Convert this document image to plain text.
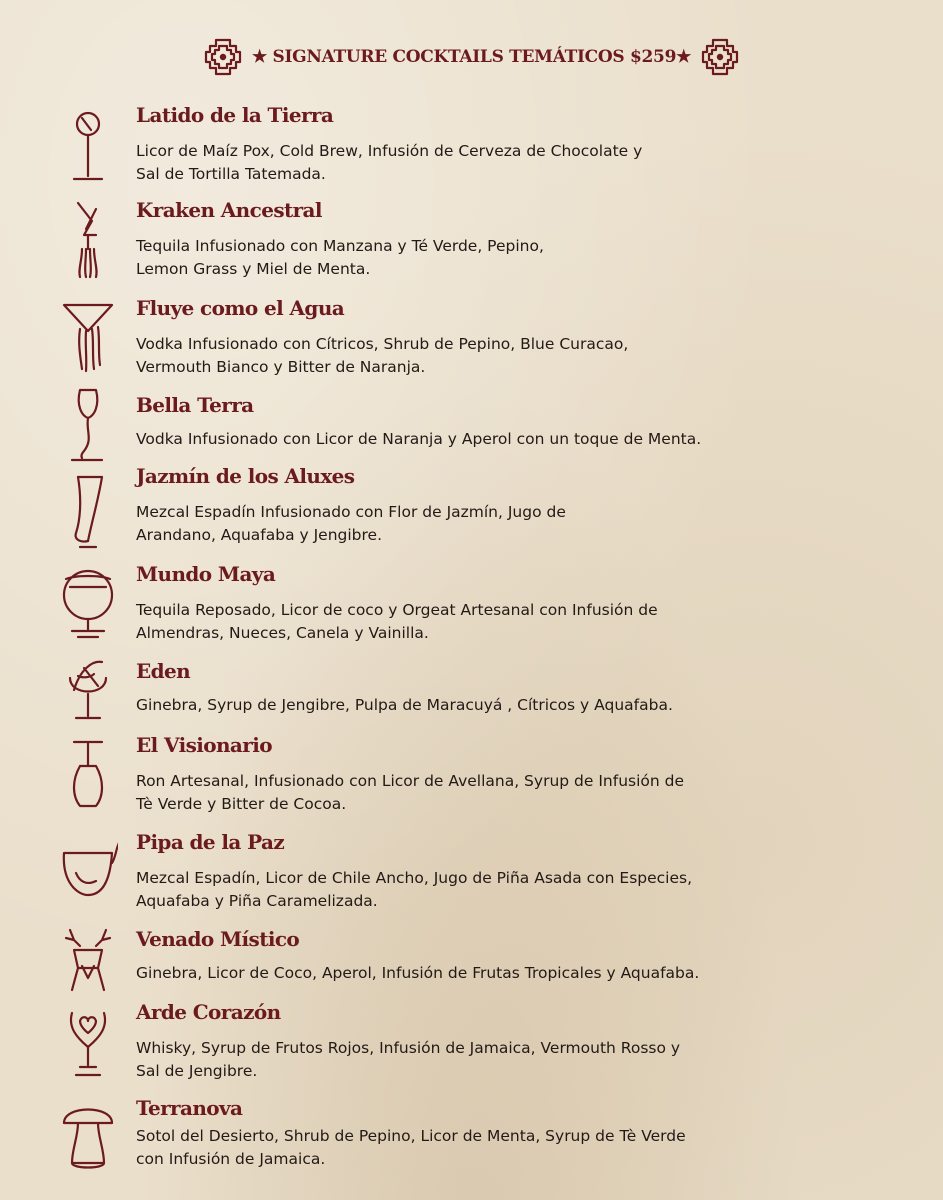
★ SIGNATURE COCKTAILS TEMÁTICOS $259★
Latido de la Tierra
Licor de Maíz Pox, Cold Brew, Infusión de Cerveza de Chocolate y
Sal de Tortilla Tatemada.
Kraken Ancestral
Tequila Infusionado con Manzana y Té Verde, Pepino,
Lemon Grass y Miel de Menta.
Fluye como el Agua
Vodka Infusionado con Cítricos, Shrub de Pepino, Blue Curacao,
Vermouth Bianco y Bitter de Naranja.
Bella Terra
Vodka Infusionado con Licor de Naranja y Aperol con un toque de Menta.
Jazmín de los Aluxes
Mezcal Espadín Infusionado con Flor de Jazmín, Jugo de
Arandano, Aquafaba y Jengibre.
Mundo Maya
Tequila Reposado, Licor de coco y Orgeat Artesanal con Infusión de
Almendras, Nueces, Canela y Vainilla.
Eden
Ginebra, Syrup de Jengibre, Pulpa de Maracuyá , Cítricos y Aquafaba.
El Visionario
Ron Artesanal, Infusionado con Licor de Avellana, Syrup de Infusión de
Tè Verde y Bitter de Cocoa.
Pipa de la Paz
Mezcal Espadín, Licor de Chile Ancho, Jugo de Piña Asada con Especies,
Aquafaba y Piña Caramelizada.
Venado Místico
Ginebra, Licor de Coco, Aperol, Infusión de Frutas Tropicales y Aquafaba.
Arde Corazón
Whisky, Syrup de Frutos Rojos, Infusión de Jamaica, Vermouth Rosso y
Sal de Jengibre.
Terranova
Sotol del Desierto, Shrub de Pepino, Licor de Menta, Syrup de Tè Verde
con Infusión de Jamaica.
